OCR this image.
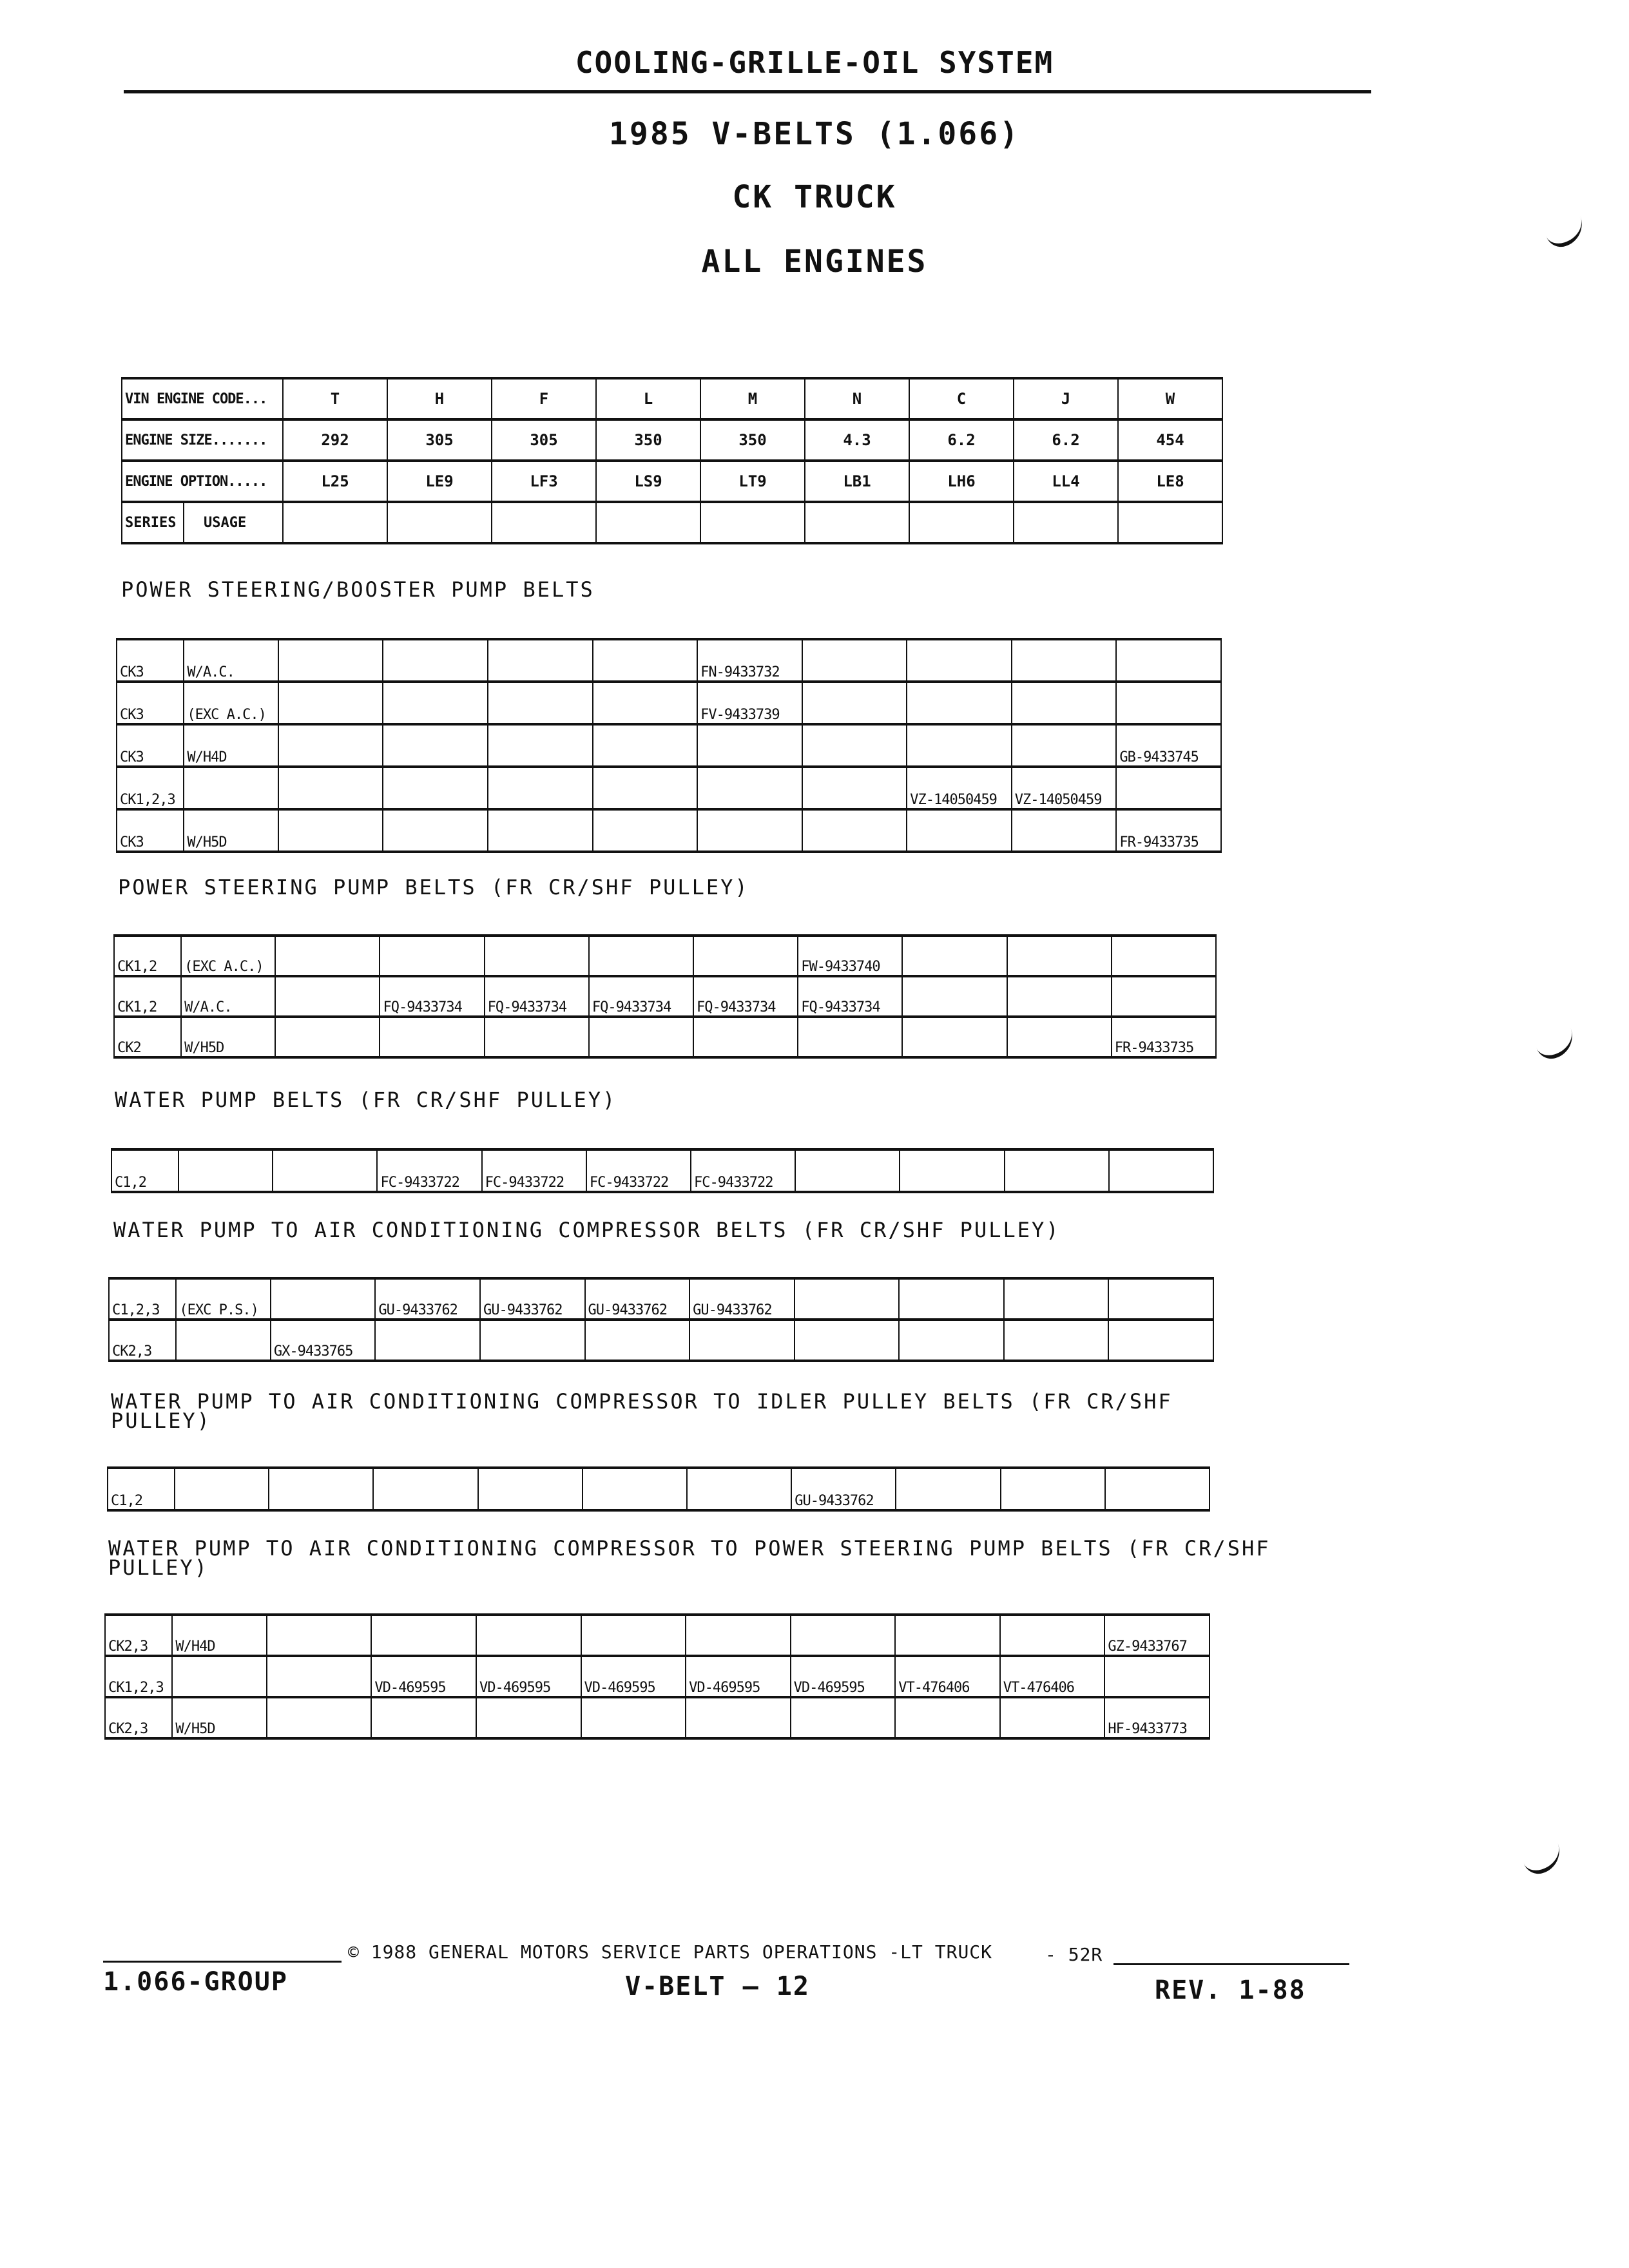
COOLING-GRILLE-OIL SYSTEM
1985 V-BELTS (1.066)
CK TRUCK
ALL ENGINES
VIN ENGINE CODE...	T	H	F	L	M	N	C	J	W
ENGINE SIZE.......	292	305	305	350	350	4.3	6.2	6.2	454
ENGINE OPTION.....	L25	LE9	LF3	LS9	LT9	LB1	LH6	LL4	LE8

SERIES USAGE									

POWER STEERING/BOOSTER PUMP BELTS
CK3	W/A.C.					FN-9433732				
CK3	(EXC A.C.)					FV-9433739				
CK3	W/H4D									GB-9433745
CK1,2,3								VZ-14050459	VZ-14050459	
CK3	W/H5D									FR-9433735
POWER STEERING PUMP BELTS (FR CR/SHF PULLEY)
CK1,2	(EXC A.C.)						FW-9433740			
CK1,2	W/A.C.		FQ-9433734	FQ-9433734	FQ-9433734	FQ-9433734	FQ-9433734			
CK2	W/H5D									FR-9433735
WATER PUMP BELTS (FR CR/SHF PULLEY)
C1,2			FC-9433722	FC-9433722	FC-9433722	FC-9433722				
WATER PUMP TO AIR CONDITIONING COMPRESSOR BELTS (FR CR/SHF PULLEY)
C1,2,3	(EXC P.S.)		GU-9433762	GU-9433762	GU-9433762	GU-9433762				
CK2,3		GX-9433765								
WATER PUMP TO AIR CONDITIONING COMPRESSOR TO IDLER PULLEY BELTS (FR CR/SHF
PULLEY)
C1,2							GU-9433762			
WATER PUMP TO AIR CONDITIONING COMPRESSOR TO POWER STEERING PUMP BELTS (FR CR/SHF
PULLEY)
CK2,3	W/H4D									GZ-9433767
CK1,2,3			VD-469595	VD-469595	VD-469595	VD-469595	VD-469595	VT-476406	VT-476406	
CK2,3	W/H5D									HF-9433773
© 1988 GENERAL MOTORS SERVICE PARTS OPERATIONS -LT TRUCK	- 52R
1.066-GROUP	V-BELT — 12	REV. 1-88
